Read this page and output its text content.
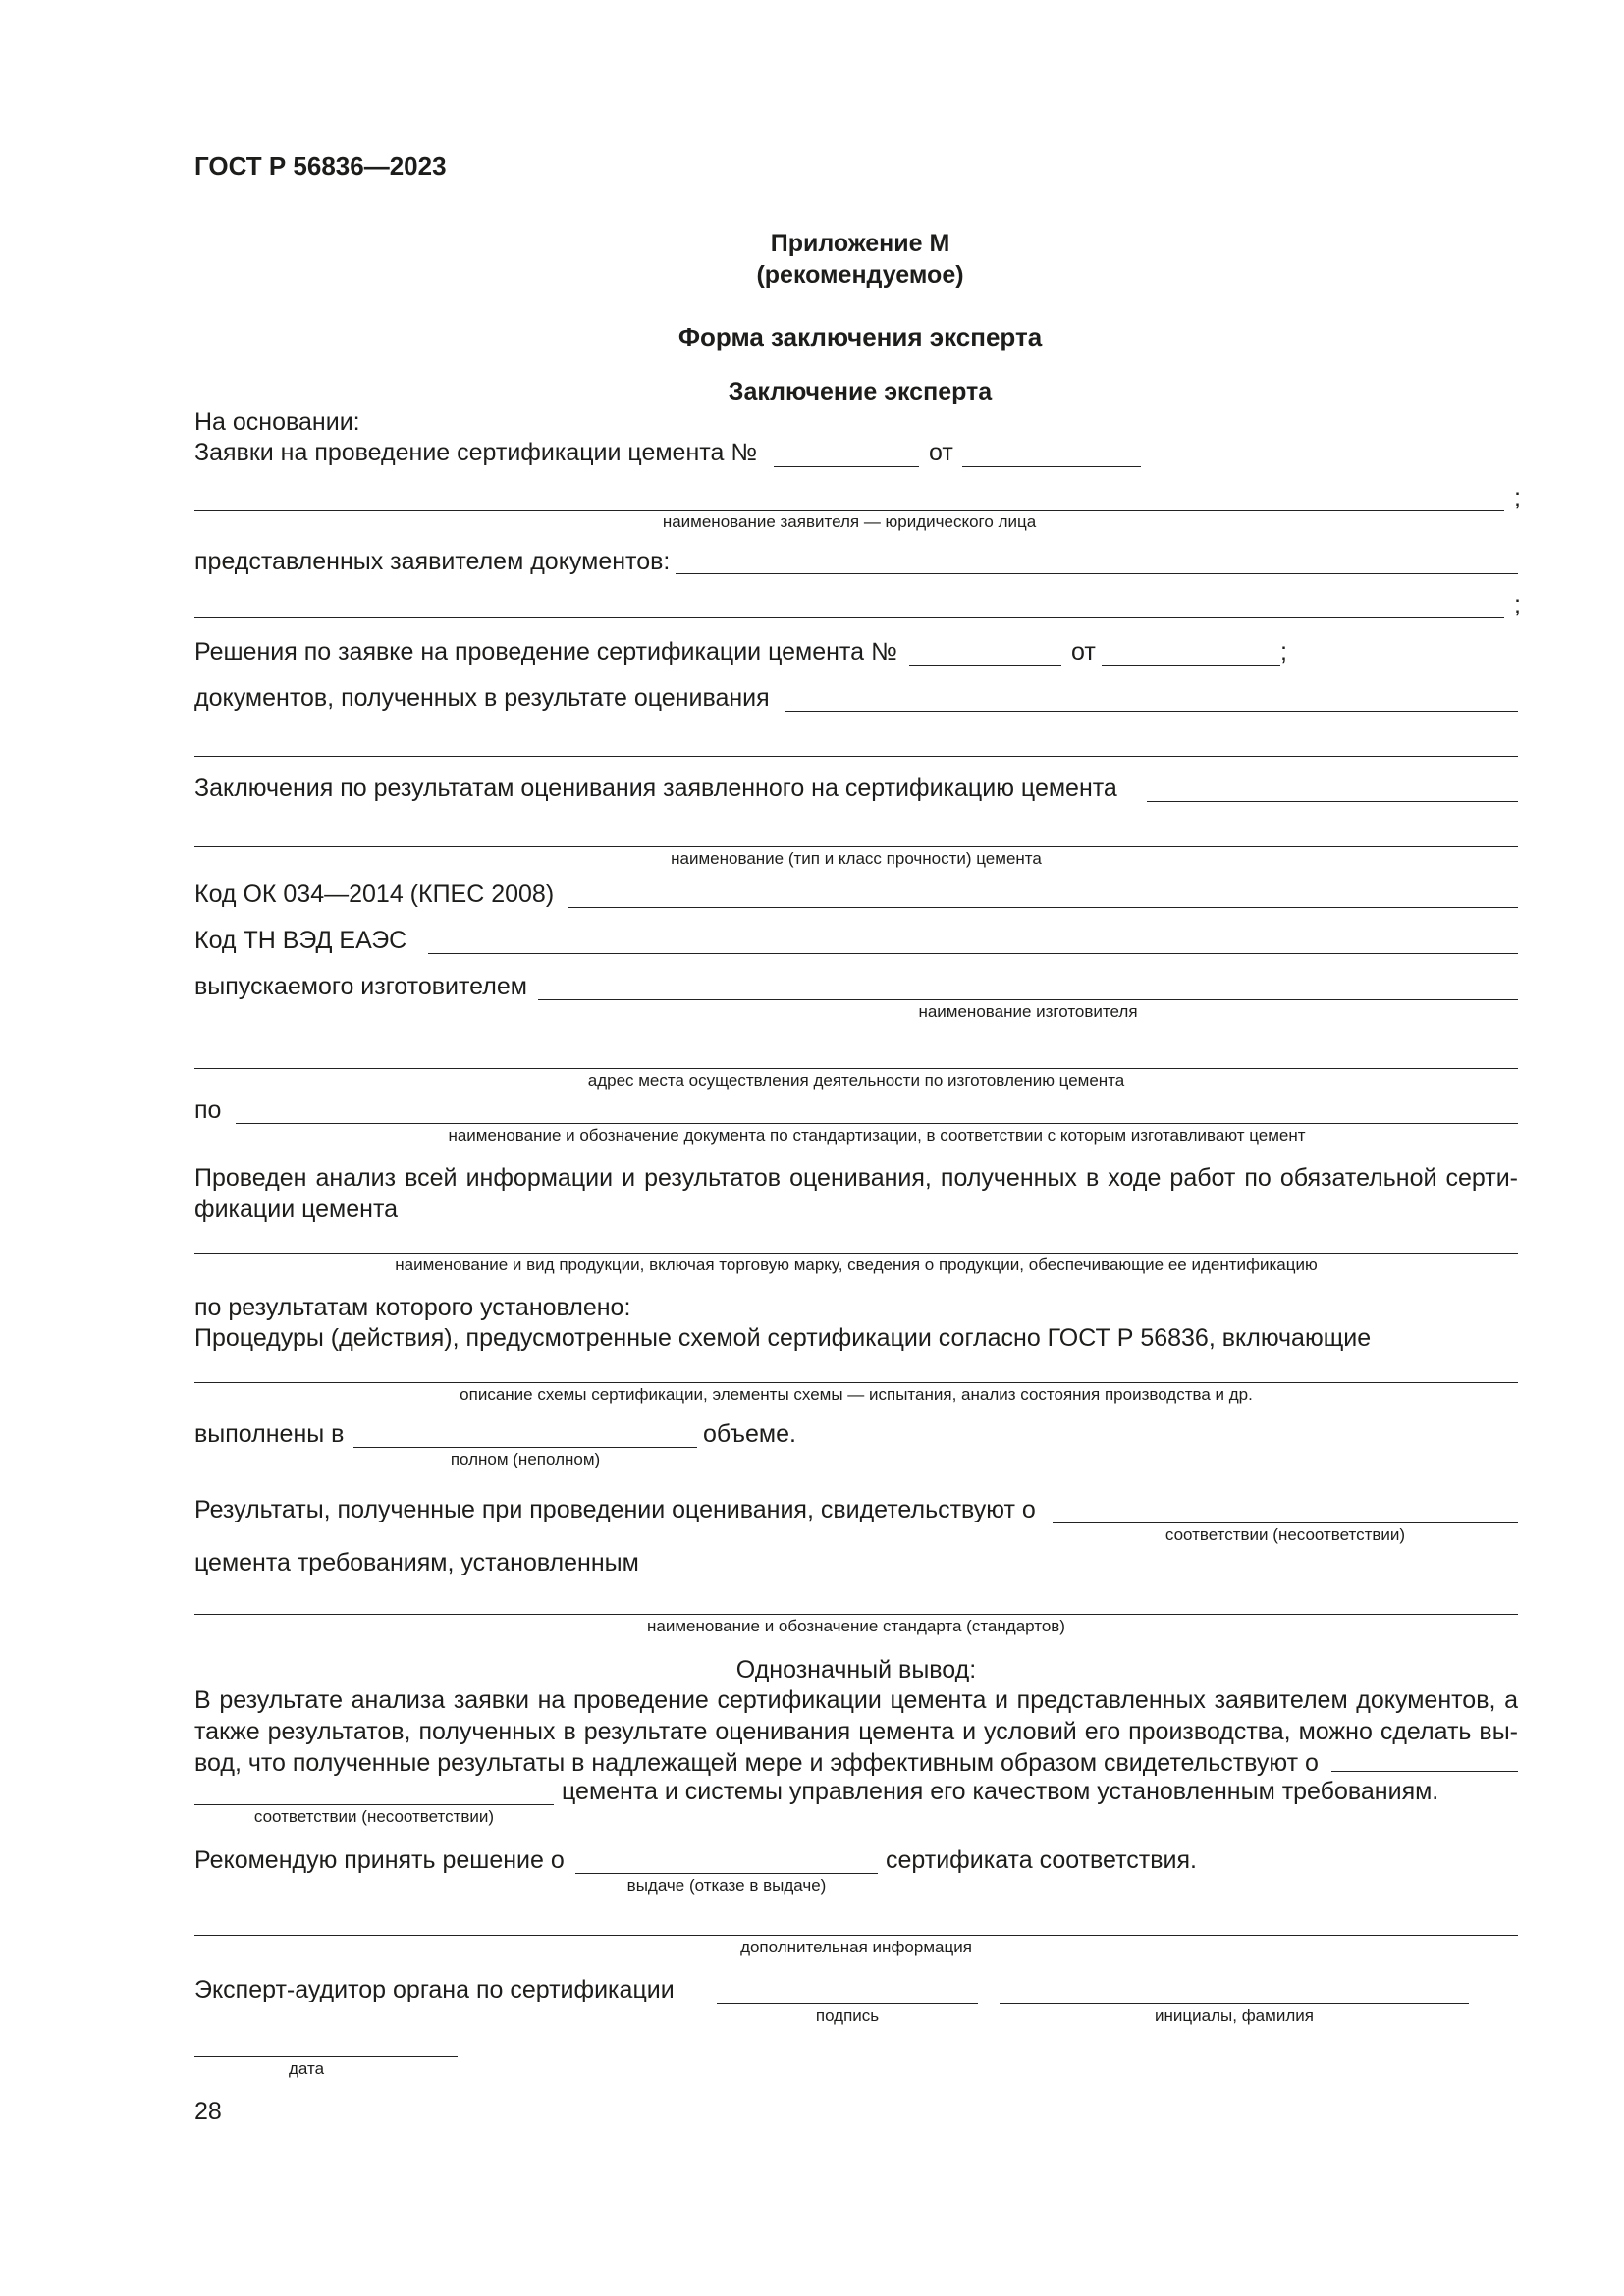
ГОСТ Р 56836—2023
Приложение М
(рекомендуемое)
Форма заключения эксперта
Заключение эксперта
На основании:
Заявки на проведение сертификации цемента №	от
;
наименование заявителя — юридического лица
представленных заявителем документов:
;
Решения по заявке на проведение сертификации цемента №	от	;
документов, полученных в результате оценивания
Заключения по результатам оценивания заявленного на сертификацию цемента
наименование (тип и класс прочности) цемента
Код ОК 034—2014 (КПЕС 2008)
Код ТН ВЭД ЕАЭС
выпускаемого изготовителем
наименование изготовителя
адрес места осуществления деятельности по изготовлению цемента
по
наименование и обозначение документа по стандартизации, в соответствии с которым изготавливают цемент
Проведен анализ всей информации и результатов оценивания, полученных в ходе работ по обязательной серти-фикации цемента
наименование и вид продукции, включая торговую марку, сведения о продукции, обеспечивающие ее идентификацию
по результатам которого установлено:
Процедуры (действия), предусмотренные схемой сертификации согласно ГОСТ Р 56836, включающие
описание схемы сертификации, элементы схемы — испытания, анализ состояния производства и др.
выполнены в	объеме.
полном (неполном)
Результаты, полученные при проведении оценивания, свидетельствуют о
соответствии (несоответствии)
цемента требованиям, установленным
наименование и обозначение стандарта (стандартов)
Однозначный вывод:
В результате анализа заявки на проведение сертификации цемента и представленных заявителем документов, а также результатов, полученных в результате оценивания цемента и условий его производства, можно сделать вы-вод, что полученные результаты в надлежащей мере и эффективным образом свидетельствуют о
цемента и системы управления его качеством установленным требованиям.
соответствии (несоответствии)
Рекомендую принять решение о	сертификата соответствия.
выдаче (отказе в выдаче)
дополнительная информация
Эксперт-аудитор органа по сертификации
подпись	инициалы, фамилия
дата
28
